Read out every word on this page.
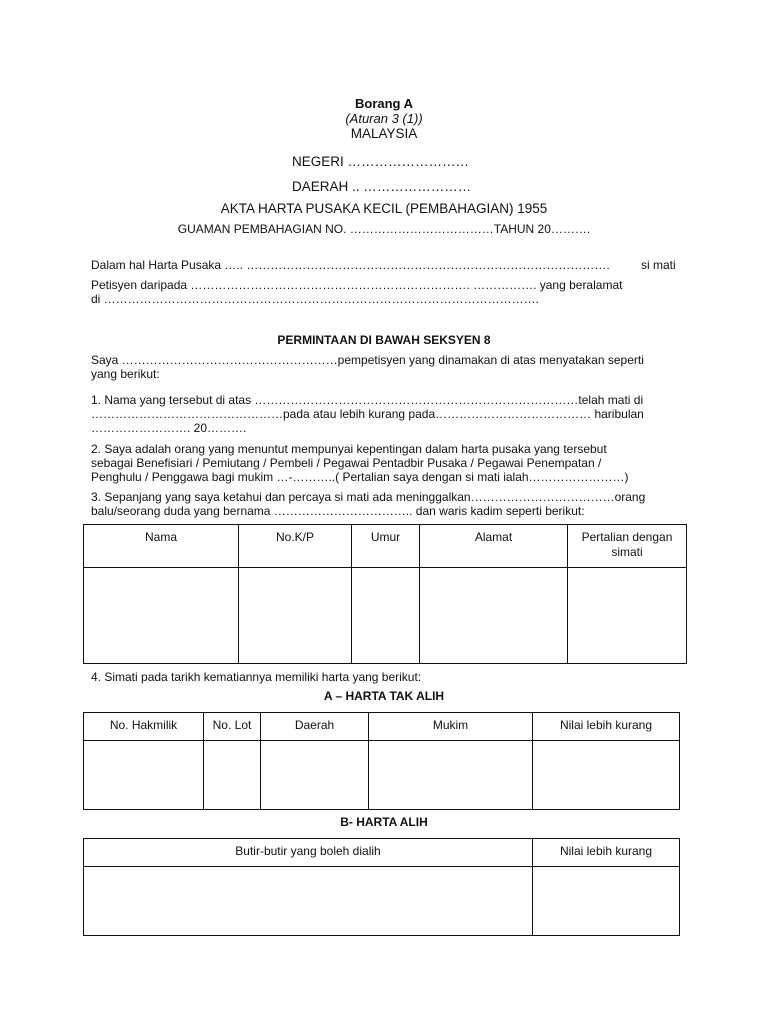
Borang A
(Aturan 3 (1))
MALAYSIA
NEGERI ………………………
DAERAH .. ……………………
AKTA HARTA PUSAKA KECIL (PEMBAHAGIAN) 1955
GUAMAN PEMBAHAGIAN NO. ………………………………TAHUN 20……….
Dalam hal Harta Pusaka ….. ……………………………………………………………………………….	si mati
Petisyen daripada ……………………………………………………………. ……………. yang beralamat
di ……………………………………………………………………………………………….
PERMINTAAN DI BAWAH SEKSYEN 8
Saya ………………………………………………pempetisyen yang dinamakan di atas menyatakan seperti
yang berikut:
1. Nama yang tersebut di atas ………………………………………………………………………telah mati di
…………………………………………pada atau lebih kurang pada………………………………… haribulan
……………………. 20……….
2. Saya adalah orang yang menuntut mempunyai kepentingan dalam harta pusaka yang tersebut
sebagai Benefisiari / Pemiutang / Pembeli / Pegawai Pentadbir Pusaka / Pegawai Penempatan /
Penghulu / Penggawa bagi mukim …-………..( Pertalian saya dengan si mati ialah……………………)
3. Sepanjang yang saya ketahui dan percaya si mati ada meninggalkan………………………………orang
balu/seorang duda yang bernama …………………………….. dan waris kadim seperti berikut:
Nama	No.K/P	Umur	Alamat	Pertalian dengan simati

4. Simati pada tarikh kematiannya memiliki harta yang berikut:
A – HARTA TAK ALIH
No. Hakmilik	No. Lot	Daerah	Mukim	Nilai lebih kurang

B- HARTA ALIH
Butir-butir yang boleh dialih	Nilai lebih kurang
